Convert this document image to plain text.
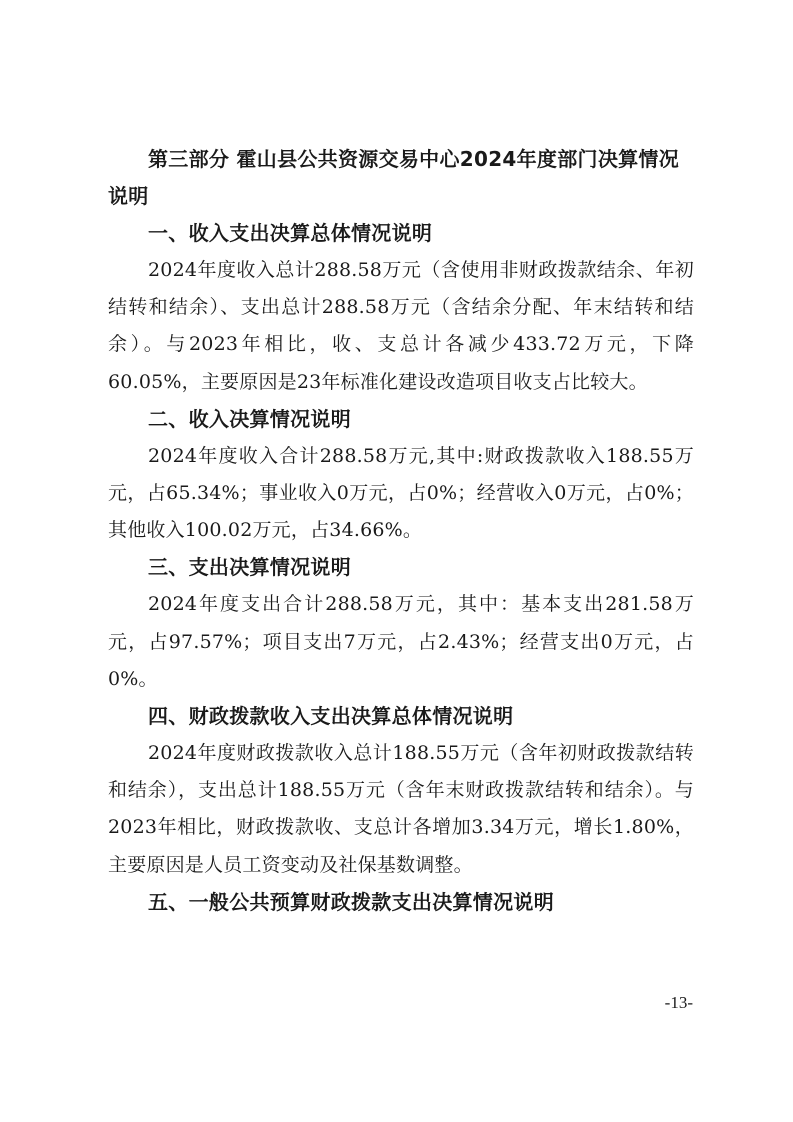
第三部分 霍山县公共资源交易中心2024年度部门决算情况说明

一、收入支出决算总体情况说明

2024年度收入总计288.58万元（含使用非财政拨款结余、年初结转和结余）、支出总计288.58万元（含结余分配、年末结转和结余）。与2023年相比，收、支总计各减少433.72万元，下降60.05%，主要原因是23年标准化建设改造项目收支占比较大。

二、收入决算情况说明

2024年度收入合计288.58万元,其中:财政拨款收入188.55万元，占65.34%；事业收入0万元，占0%；经营收入0万元，占0%；其他收入100.02万元，占34.66%。

三、支出决算情况说明

2024年度支出合计288.58万元，其中：基本支出281.58万元，占97.57%；项目支出7万元，占2.43%；经营支出0万元，占0%。

四、财政拨款收入支出决算总体情况说明

2024年度财政拨款收入总计188.55万元（含年初财政拨款结转和结余），支出总计188.55万元（含年末财政拨款结转和结余）。与2023年相比，财政拨款收、支总计各增加3.34万元，增长1.80%，主要原因是人员工资变动及社保基数调整。

五、一般公共预算财政拨款支出决算情况说明

-13-
